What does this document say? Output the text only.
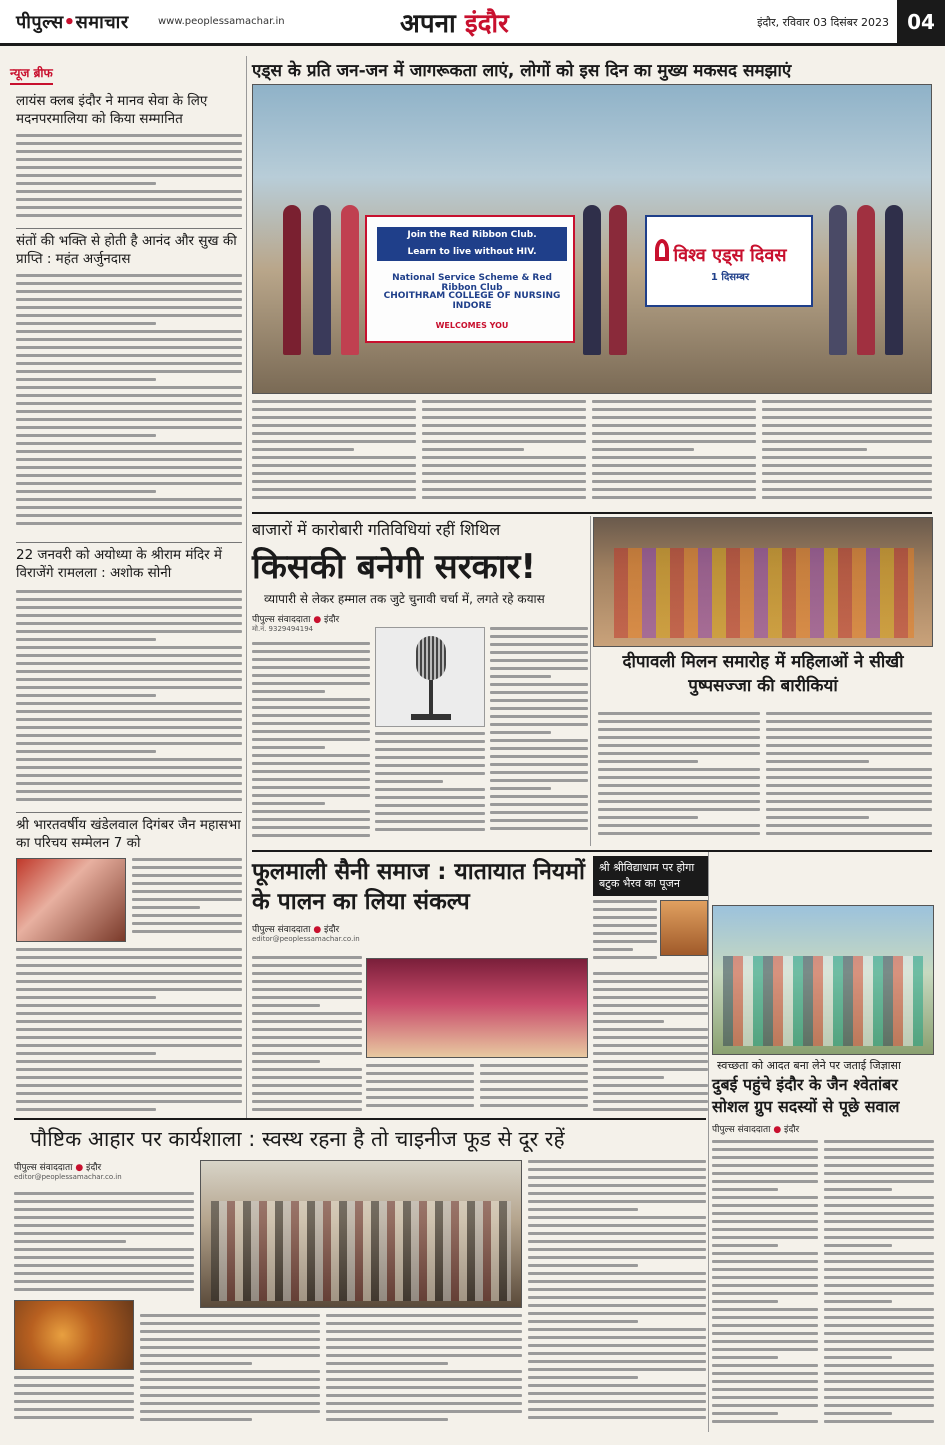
पीपुल्स•समाचार	www.peoplessamachar.in	अपना इंदौर	इंदौर, रविवार 03 दिसंबर 2023 04
न्यूज ब्रीफ
लायंस क्लब इंदौर ने मानव सेवा के लिए मदनपरमालिया को किया सम्मानित
संतों की भक्ति से होती है आनंद और सुख की प्राप्ति : महंत अर्जुनदास
22 जनवरी को अयोध्या के श्रीराम मंदिर में विराजेंगे रामलला : अशोक सोनी
श्री भारतवर्षीय खंडेलवाल दिगंबर जैन महासभा का परिचय सम्मेलन 7 को
एड्स के प्रति जन-जन में जागरूकता लाएं, लोगों को इस दिन का मुख्य मकसद समझाएं
Join the Red Ribbon Club.
Learn to live without HIV.
National Service Scheme & Red Ribbon Club
CHOITHRAM COLLEGE OF NURSING INDORE
WELCOMES YOU
विश्व एड्स दिवस
1 दिसम्बर
बाजारों में कारोबारी गतिविधियां रहीं शिथिल
किसकी बनेगी सरकार!
व्यापारी से लेकर हम्माल तक जुटे चुनावी चर्चा में, लगते रहे कयास
पीपुल्स संवाददाता ● इंदौर
मो.नं. 9329494194
दीपावली मिलन समारोह में महिलाओं ने सीखी पुष्पसज्जा की बारीकियां
श्री श्रीविद्याधाम पर होगा बटुक भैरव का पूजन
फूलमाली सैनी समाज : यातायात नियमों के पालन का लिया संकल्प
पीपुल्स संवाददाता ● इंदौर
editor@peoplessamachar.co.in
स्वच्छता को आदत बना लेने पर जताई जिज्ञासा
दुबई पहुंचे इंदौर के जैन श्वेतांबर सोशल ग्रुप सदस्यों से पूछे सवाल
पीपुल्स संवाददाता ● इंदौर
पौष्टिक आहार पर कार्यशाला : स्वस्थ रहना है तो चाइनीज फूड से दूर रहें
पीपुल्स संवाददाता ● इंदौर
editor@peoplessamachar.co.in
